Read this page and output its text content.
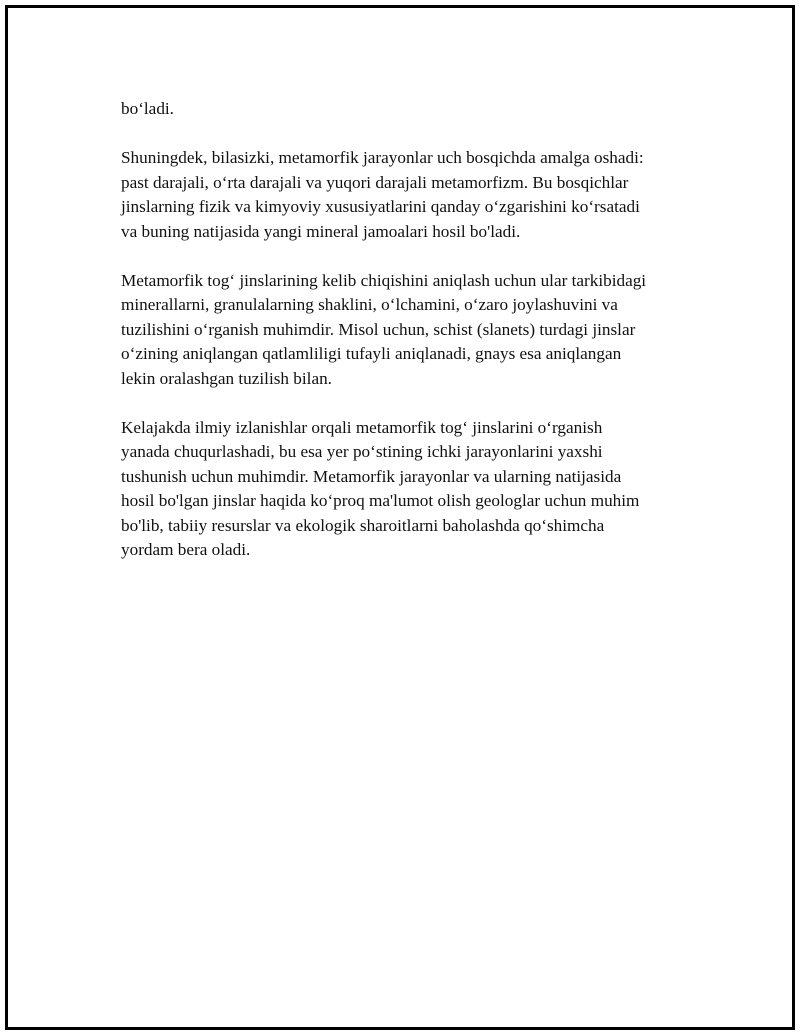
bo‘ladi.

Shuningdek, bilasizki, metamorfik jarayonlar uch bosqichda amalga oshadi:
past darajali, o‘rta darajali va yuqori darajali metamorfizm. Bu bosqichlar
jinslarning fizik va kimyoviy xususiyatlarini qanday o‘zgarishini ko‘rsatadi
va buning natijasida yangi mineral jamoalari hosil bo'ladi.

Metamorfik tog‘ jinslarining kelib chiqishini aniqlash uchun ular tarkibidagi
minerallarni, granulalarning shaklini, o‘lchamini, o‘zaro joylashuvini va
tuzilishini o‘rganish muhimdir. Misol uchun, schist (slanets) turdagi jinslar
o‘zining aniqlangan qatlamliligi tufayli aniqlanadi, gnays esa aniqlangan
lekin oralashgan tuzilish bilan.

Kelajakda ilmiy izlanishlar orqali metamorfik tog‘ jinslarini o‘rganish
yanada chuqurlashadi, bu esa yer po‘stining ichki jarayonlarini yaxshi
tushunish uchun muhimdir. Metamorfik jarayonlar va ularning natijasida
hosil bo'lgan jinslar haqida ko‘proq ma'lumot olish geologlar uchun muhim
bo'lib, tabiiy resurslar va ekologik sharoitlarni baholashda qo‘shimcha
yordam bera oladi.
